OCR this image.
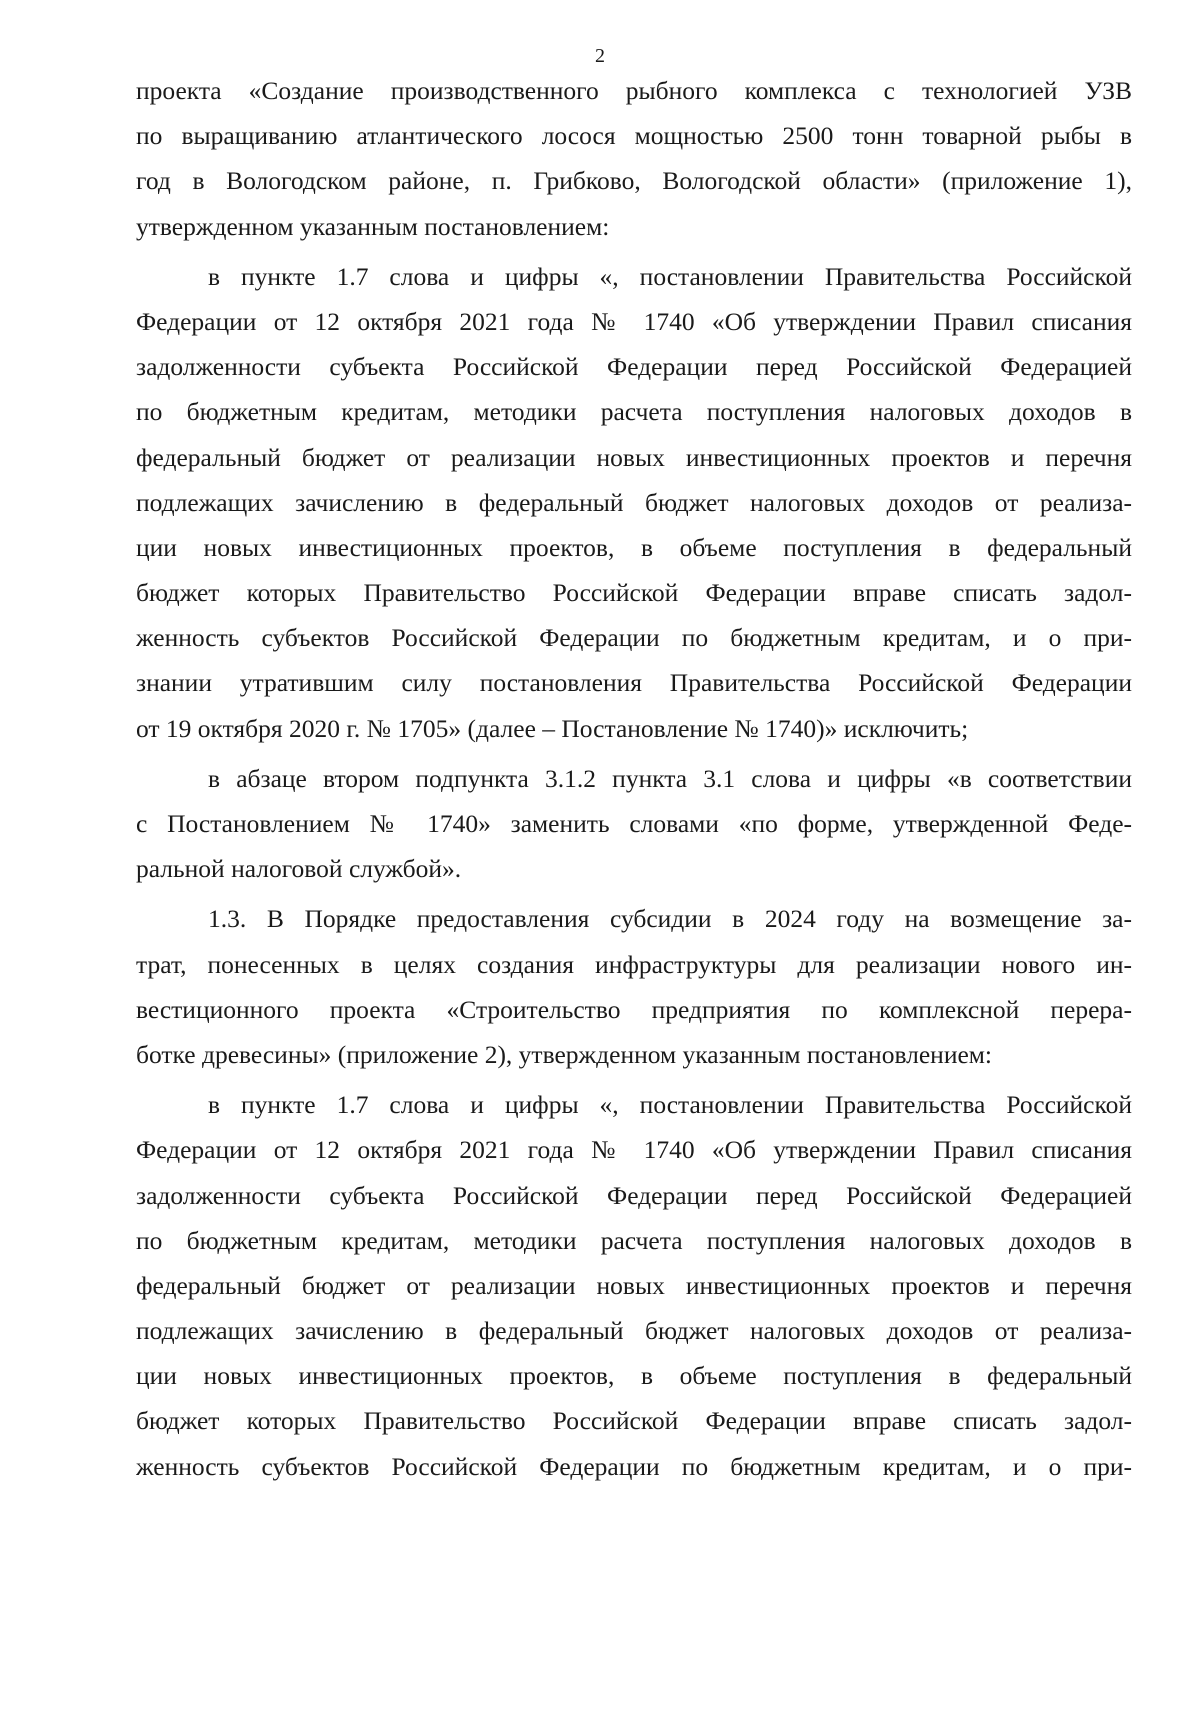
2
проекта «Создание производственного рыбного комплекса с технологией УЗВ
по выращиванию атлантического лосося мощностью 2500 тонн товарной рыбы в
год в Вологодском районе, п. Грибково, Вологодской области» (приложение 1),
утвержденном указанным постановлением:
в пункте 1.7 слова и цифры «, постановлении Правительства Российской
Федерации от 12 октября 2021 года № 1740 «Об утверждении Правил списания
задолженности субъекта Российской Федерации перед Российской Федерацией
по бюджетным кредитам, методики расчета поступления налоговых доходов в
федеральный бюджет от реализации новых инвестиционных проектов и перечня
подлежащих зачислению в федеральный бюджет налоговых доходов от реализа-
ции новых инвестиционных проектов, в объеме поступления в федеральный
бюджет которых Правительство Российской Федерации вправе списать задол-
женность субъектов Российской Федерации по бюджетным кредитам, и о при-
знании утратившим силу постановления Правительства Российской Федерации
от 19 октября 2020 г. № 1705» (далее – Постановление № 1740)» исключить;
в абзаце втором подпункта 3.1.2 пункта 3.1 слова и цифры «в соответствии
с Постановлением № 1740» заменить словами «по форме, утвержденной Феде-
ральной налоговой службой».
1.3. В Порядке предоставления субсидии в 2024 году на возмещение за-
трат, понесенных в целях создания инфраструктуры для реализации нового ин-
вестиционного проекта «Строительство предприятия по комплексной перера-
ботке древесины» (приложение 2), утвержденном указанным постановлением:
в пункте 1.7 слова и цифры «, постановлении Правительства Российской
Федерации от 12 октября 2021 года № 1740 «Об утверждении Правил списания
задолженности субъекта Российской Федерации перед Российской Федерацией
по бюджетным кредитам, методики расчета поступления налоговых доходов в
федеральный бюджет от реализации новых инвестиционных проектов и перечня
подлежащих зачислению в федеральный бюджет налоговых доходов от реализа-
ции новых инвестиционных проектов, в объеме поступления в федеральный
бюджет которых Правительство Российской Федерации вправе списать задол-
женность субъектов Российской Федерации по бюджетным кредитам, и о при-
